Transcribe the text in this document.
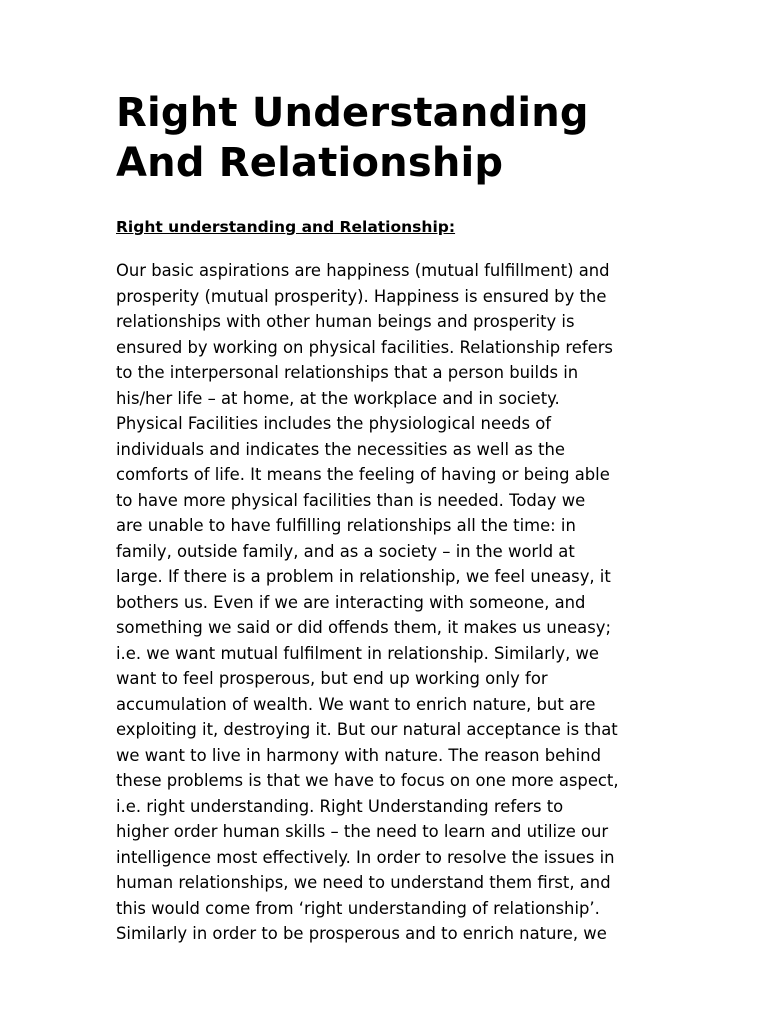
Right Understanding
And Relationship
Right understanding and Relationship:

Our basic aspirations are happiness (mutual fulfillment) and
prosperity (mutual prosperity). Happiness is ensured by the
relationships with other human beings and prosperity is
ensured by working on physical facilities. Relationship refers
to the interpersonal relationships that a person builds in
his/her life – at home, at the workplace and in society.
Physical Facilities includes the physiological needs of
individuals and indicates the necessities as well as the
comforts of life. It means the feeling of having or being able
to have more physical facilities than is needed. Today we
are unable to have fulfilling relationships all the time: in
family, outside family, and as a society – in the world at
large. If there is a problem in relationship, we feel uneasy, it
bothers us. Even if we are interacting with someone, and
something we said or did offends them, it makes us uneasy;
i.e. we want mutual fulfilment in relationship. Similarly, we
want to feel prosperous, but end up working only for
accumulation of wealth. We want to enrich nature, but are
exploiting it, destroying it. But our natural acceptance is that
we want to live in harmony with nature. The reason behind
these problems is that we have to focus on one more aspect,
i.e. right understanding. Right Understanding refers to
higher order human skills – the need to learn and utilize our
intelligence most effectively. In order to resolve the issues in
human relationships, we need to understand them first, and
this would come from ‘right understanding of relationship’.
Similarly in order to be prosperous and to enrich nature, we
